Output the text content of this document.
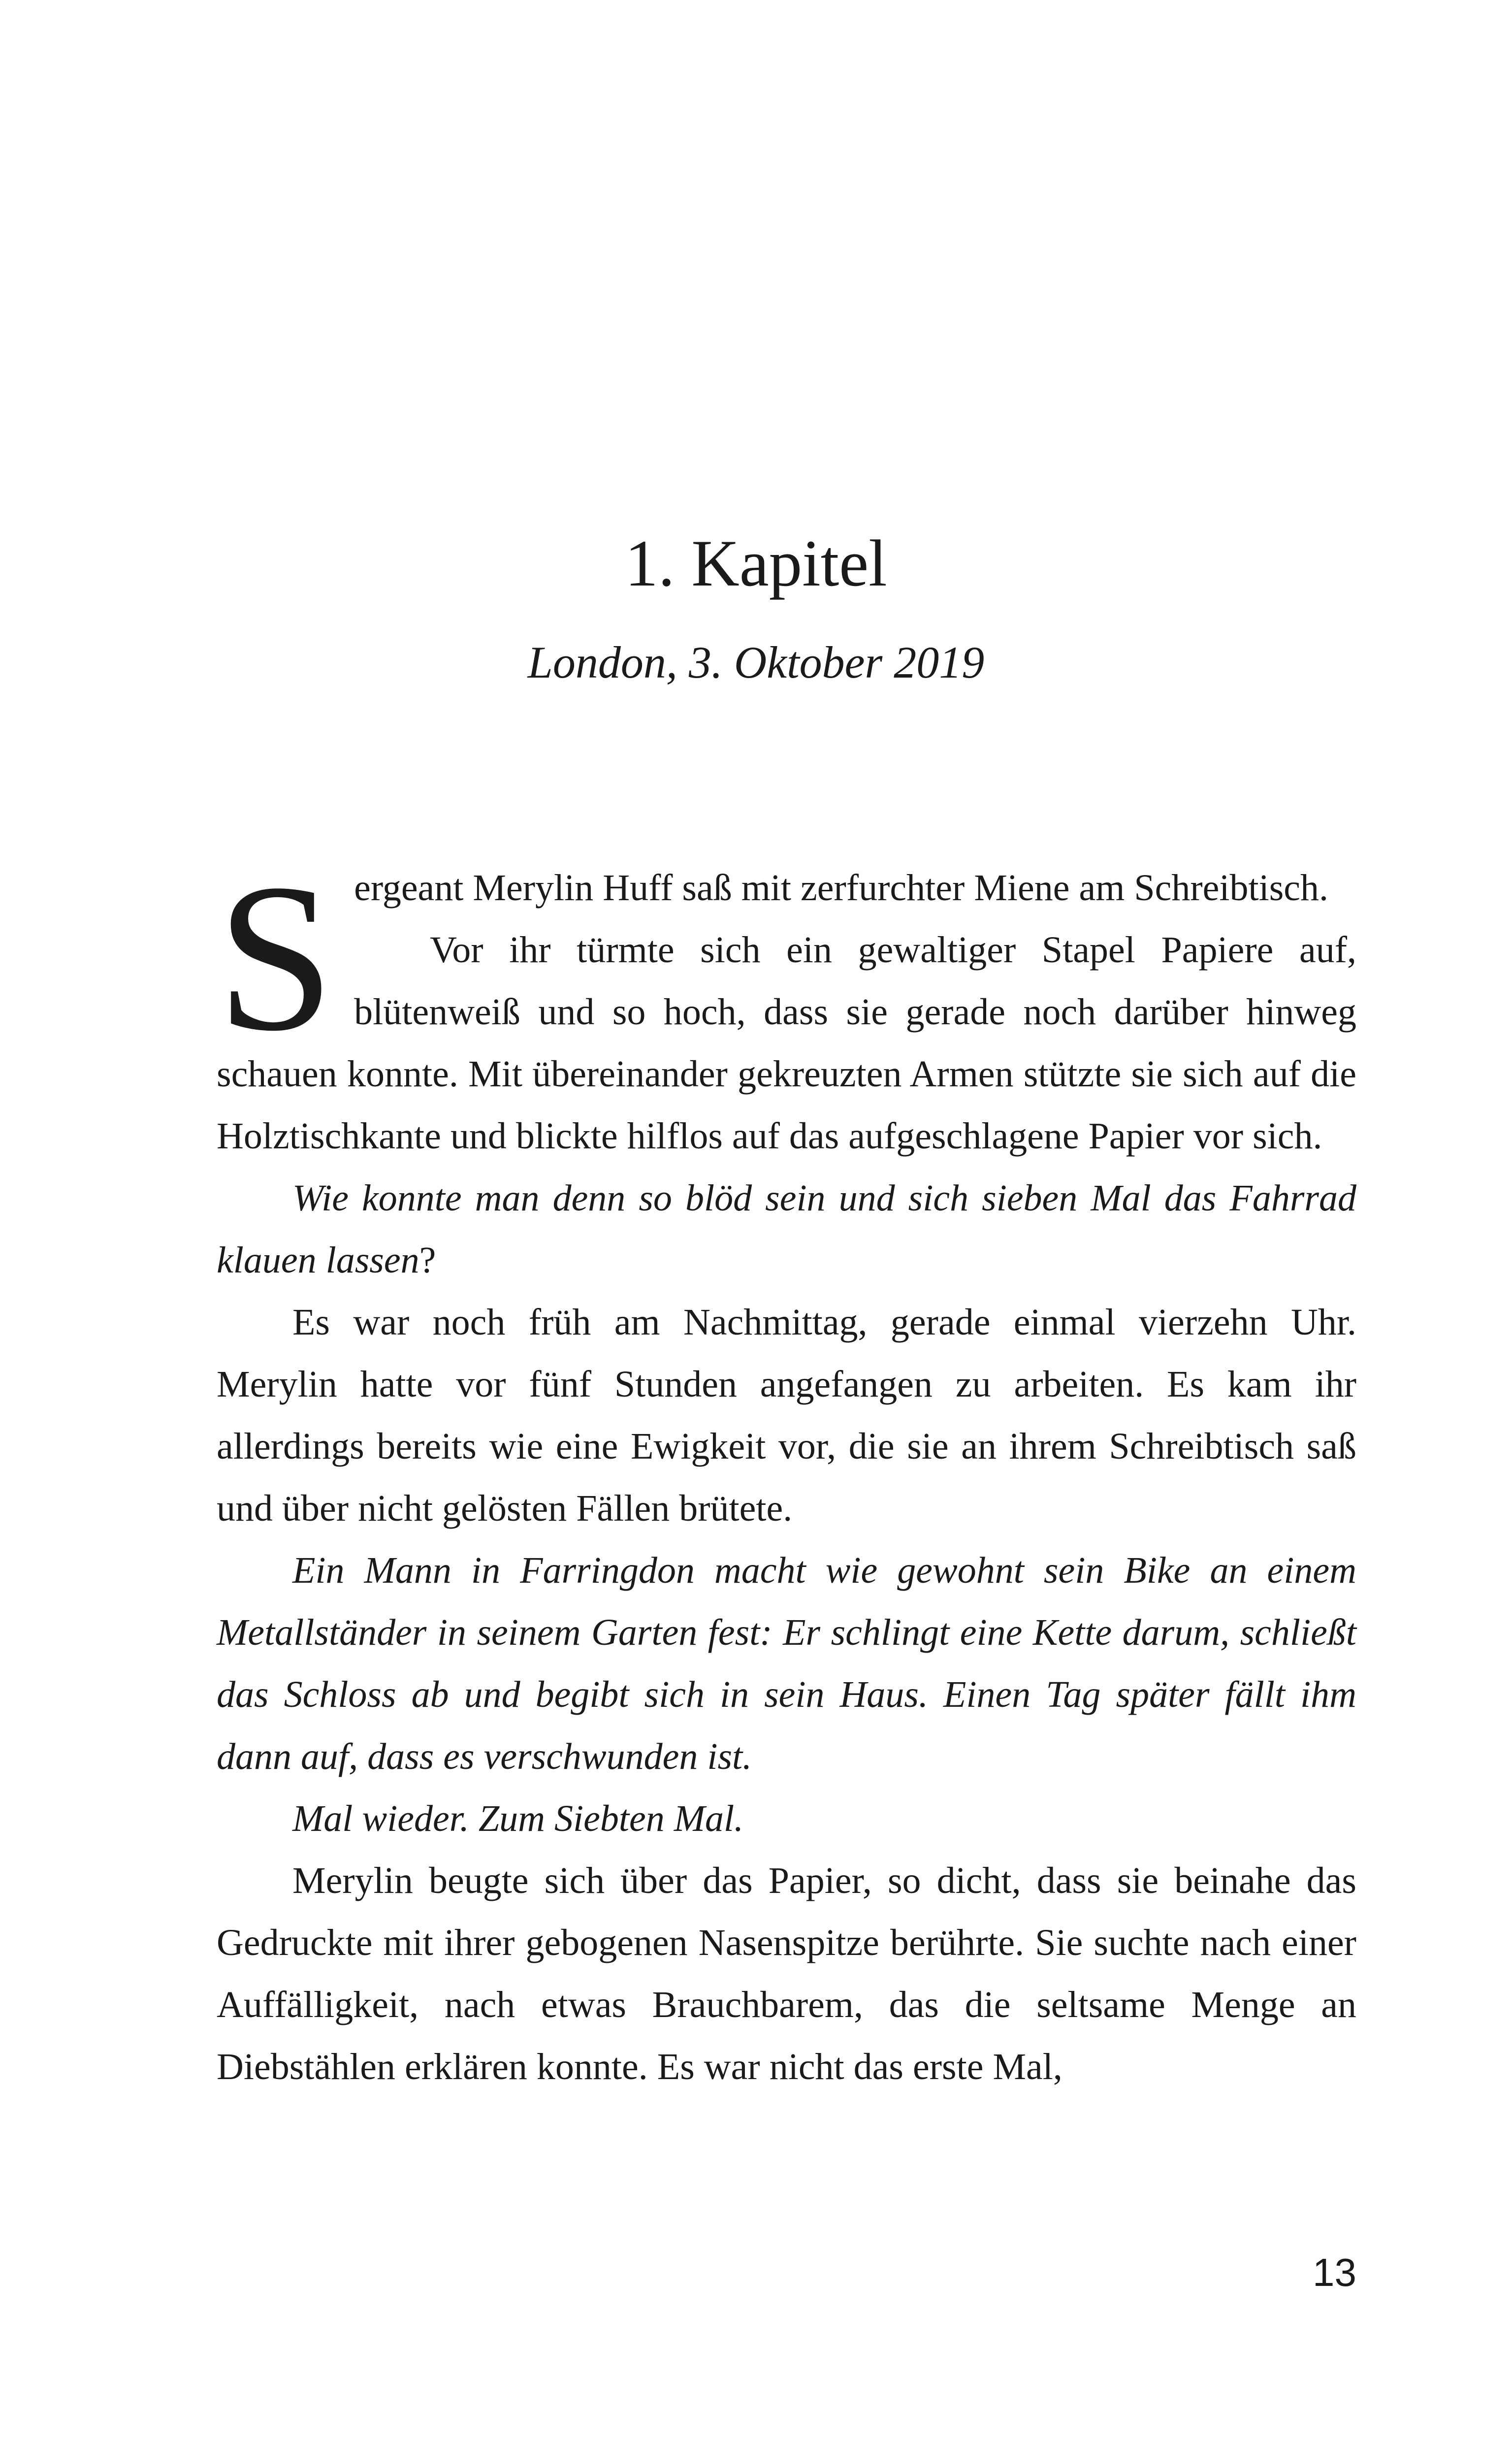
1. Kapitel

London, 3. Oktober 2019

Sergeant Merylin Huff saß mit zerfurchter Miene am Schreibtisch.

Vor ihr türmte sich ein gewaltiger Stapel Papiere auf, blütenweiß und so hoch, dass sie gerade noch darüber hinweg schauen konnte. Mit übereinander gekreuzten Armen stützte sie sich auf die Holztischkante und blickte hilflos auf das aufgeschlagene Papier vor sich.

Wie konnte man denn so blöd sein und sich sieben Mal das Fahrrad klauen lassen?

Es war noch früh am Nachmittag, gerade einmal vierzehn Uhr. Merylin hatte vor fünf Stunden angefangen zu arbeiten. Es kam ihr allerdings bereits wie eine Ewigkeit vor, die sie an ihrem Schreibtisch saß und über nicht gelösten Fällen brütete.

Ein Mann in Farringdon macht wie gewohnt sein Bike an einem Metallständer in seinem Garten fest: Er schlingt eine Kette darum, schließt das Schloss ab und begibt sich in sein Haus. Einen Tag später fällt ihm dann auf, dass es verschwunden ist.

Mal wieder. Zum Siebten Mal.

Merylin beugte sich über das Papier, so dicht, dass sie beinahe das Gedruckte mit ihrer gebogenen Nasenspitze berührte. Sie suchte nach einer Auffälligkeit, nach etwas Brauchbarem, das die seltsame Menge an Diebstählen erklären konnte. Es war nicht das erste Mal,

13
